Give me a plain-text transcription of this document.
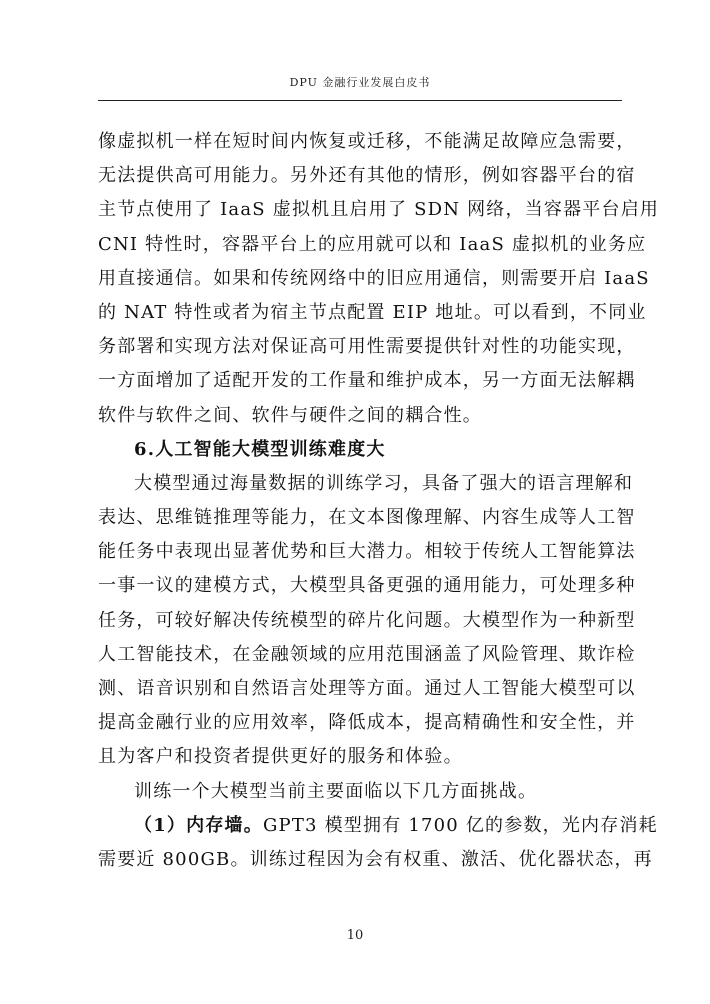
DPU 金融行业发展白皮书
像虚拟机一样在短时间内恢复或迁移，不能满足故障应急需要，
无法提供高可用能力。另外还有其他的情形，例如容器平台的宿
主节点使用了 IaaS 虚拟机且启用了 SDN 网络，当容器平台启用
CNI 特性时，容器平台上的应用就可以和 IaaS 虚拟机的业务应
用直接通信。如果和传统网络中的旧应用通信，则需要开启 IaaS
的 NAT 特性或者为宿主节点配置 EIP 地址。可以看到，不同业
务部署和实现方法对保证高可用性需要提供针对性的功能实现，
一方面增加了适配开发的工作量和维护成本，另一方面无法解耦
软件与软件之间、软件与硬件之间的耦合性。
6.人工智能大模型训练难度大
大模型通过海量数据的训练学习，具备了强大的语言理解和
表达、思维链推理等能力，在文本图像理解、内容生成等人工智
能任务中表现出显著优势和巨大潜力。相较于传统人工智能算法
一事一议的建模方式，大模型具备更强的通用能力，可处理多种
任务，可较好解决传统模型的碎片化问题。大模型作为一种新型
人工智能技术，在金融领域的应用范围涵盖了风险管理、欺诈检
测、语音识别和自然语言处理等方面。通过人工智能大模型可以
提高金融行业的应用效率，降低成本，提高精确性和安全性，并
且为客户和投资者提供更好的服务和体验。
训练一个大模型当前主要面临以下几方面挑战。
（1）内存墙。GPT3 模型拥有 1700 亿的参数，光内存消耗
需要近 800GB。训练过程因为会有权重、激活、优化器状态，再
10
